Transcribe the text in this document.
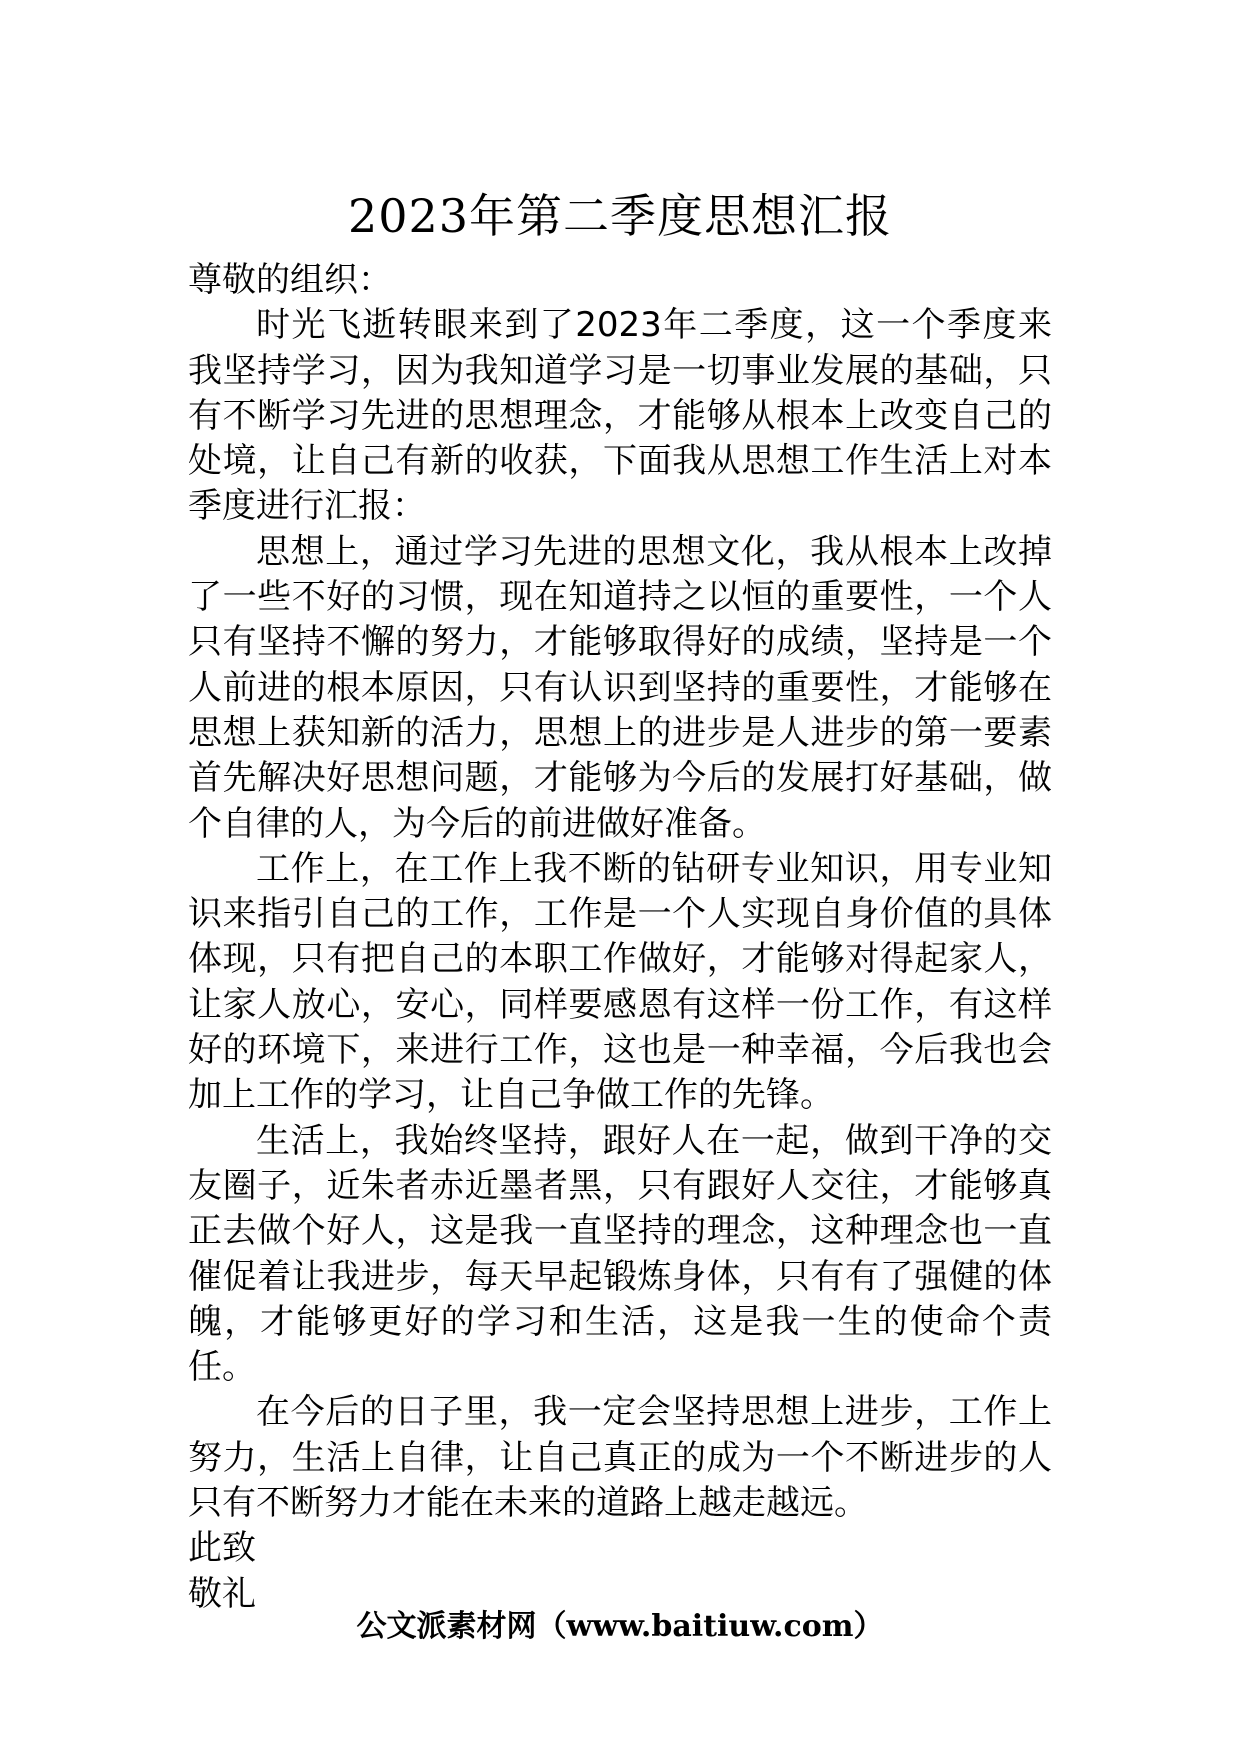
2023年第二季度思想汇报

尊敬的组织：

时光飞逝转眼来到了2023年二季度，这一个季度来我坚持学习，因为我知道学习是一切事业发展的基础，只有不断学习先进的思想理念，才能够从根本上改变自己的处境，让自己有新的收获，下面我从思想工作生活上对本季度进行汇报：

思想上，通过学习先进的思想文化，我从根本上改掉了一些不好的习惯，现在知道持之以恒的重要性，一个人只有坚持不懈的努力，才能够取得好的成绩，坚持是一个人前进的根本原因，只有认识到坚持的重要性，才能够在思想上获知新的活力，思想上的进步是人进步的第一要素首先解决好思想问题，才能够为今后的发展打好基础，做个自律的人，为今后的前进做好准备。

工作上，在工作上我不断的钻研专业知识，用专业知识来指引自己的工作，工作是一个人实现自身价值的具体体现，只有把自己的本职工作做好，才能够对得起家人，让家人放心，安心，同样要感恩有这样一份工作，有这样好的环境下，来进行工作，这也是一种幸福，今后我也会加上工作的学习，让自己争做工作的先锋。

生活上，我始终坚持，跟好人在一起，做到干净的交友圈子，近朱者赤近墨者黑，只有跟好人交往，才能够真正去做个好人，这是我一直坚持的理念，这种理念也一直催促着让我进步，每天早起锻炼身体，只有有了强健的体魄，才能够更好的学习和生活，这是我一生的使命个责任。

在今后的日子里，我一定会坚持思想上进步，工作上努力，生活上自律，让自己真正的成为一个不断进步的人只有不断努力才能在未来的道路上越走越远。

此致

敬礼

公文派素材网（www.baitiuw.com）
